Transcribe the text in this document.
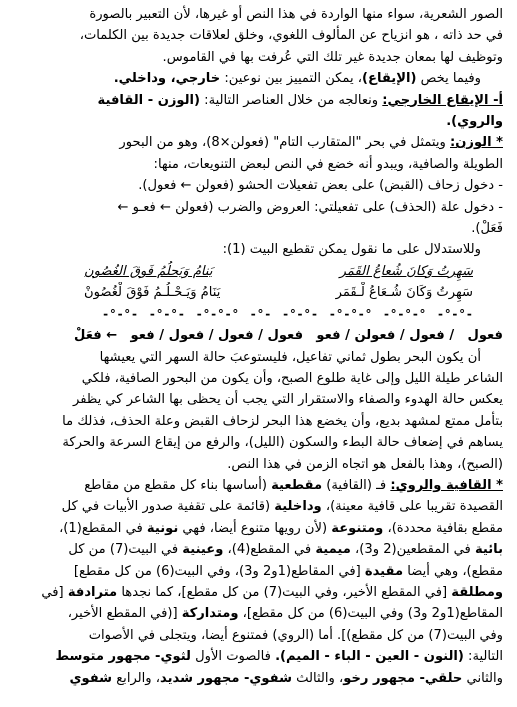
الصور الشعرية، سواء منها الواردة في هذا النص أو غيرها، لأن التعبير بالصورة
في حد ذاته ، هو انزياح عن المألوف اللغوي، وخلق لعلاقات جديدة بين الكلمات،
وتوظيف لها بمعان جديدة غير تلك التي عُرفت بها في القاموس.
وفيما يخص (الإيقاع)، يمكن التمييز بين نوعين: خارجي، وداخلي.
أ- الإيقاع الخارجي: ونعالجه من خلال العناصر التالية: (الوزن - القافية
والروي).
* الوزن: ويتمثل في بحر "المتقارب التام" (فعولن×8)، وهو من البحور
الطويلة والصافية، ويبدو أنه خضع في النص لبعض التنويعات، منها:
- دخول زحاف (القبض) على بعض تفعيلات الحشو (فعولن ← فعول).
- دخول علة (الحذف) على تفعيلتي: العروض والضرب (فعولن ← فعـو ←
فَعَلْ).
وللاستدلال على ما نقول يمكن تقطيع البيت (1):
سَهِرتُ وَكانَ شُعاعُ القَمَر
يَنامُ وَيَحلُمُ فَوقَ الغُصُون
سَهِرتُ وَكَانَ شُـعَاعُ لْـقَمَر
يَنَامُ وَيَـحْـلُـمُ فَوْقَ لْغُصُونْ
-°-°- -°-°- -°-°-° -°- -°-°- -°-°-° -°-°-° -°-°-
فعول
/ فعول / فعولن / فعو
فعول / فعول / فعول / فعو
← فعَلْ
أن يكون البحر بطول ثماني تفاعيل، فليستوعبَ حالة السهر التي يعيشها
الشاعر طيلة الليل وإلى غاية طلوع الصبح، وأن يكون من البحور الصافية، فلكي
يعكس حالة الهدوء والصفاء والاستقرار التي يجب أن يحظى بها الشاعر كي يظفر
بتأمل ممتع لمشهد بديع، وأن يخضع هذا البحر لزحاف القبض وعلة الحذف، فذلك ما
يساهم في إضعاف حالة البطء والسكون (الليل)، والرفع من إيقاع السرعة والحركة
(الصبح)، وهذا بالفعل هو اتجاه الزمن في هذا النص.
* القافية والروي: فـ (القافية) مقطعية (أساسها بناء كل مقطع من مقاطع
القصيدة تقريبا على قافية معينة)، وداخلية (قائمة على تقفية صدور الأبيات في كل
مقطع بقافية محددة)، ومتنوعة (لأن رويها متنوع أيضا، فهي نونية في المقطع(1)،
بائية في المقطعين(2 و3)، ميمية في المقطع(4)، وعينية في البيت(7) من كل
مقطع)، وهي أيضا مقيدة [في المقاطع(1و2 و3)، وفي البيت(6) من كل مقطع]
ومطلقة [في المقطع الأخير، وفي البيت(7) من كل مقطع]، كما نجدها مترادفة [في
المقاطع(1و2 و3) وفي البيت(6) من كل مقطع]، ومتداركة [(في المقطع الأخير،
وفي البيت(7) من كل مقطع)]. أما (الروي) فمتنوع أيضا، ويتجلى في الأصوات
التالية: (النون - العين - الباء - الميم). فالصوت الأول لثوي- مجهور متوسط
والثاني حلقي- مجهور رخو، والثالث شفوي- مجهور شديد، والرابع شفوي
